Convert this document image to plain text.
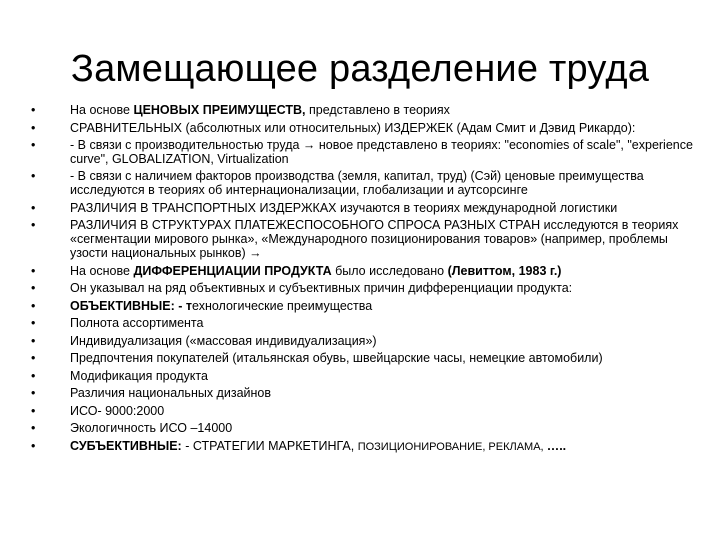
Замещающее разделение труда
•	На основе ЦЕНОВЫХ ПРЕИМУЩЕСТВ, представлено в теориях
•	СРАВНИТЕЛЬНЫХ (абсолютных или относительных) ИЗДЕРЖЕК (Адам Смит и Дэвид Рикардо):
•	- В связи с производительностью труда → новое представлено в теориях: "economies of scale", "experience curve", GLOBALIZATION, Virtualization
•	- В связи с наличием факторов производства (земля, капитал, труд) (Сэй) ценовые преимущества исследуются в теориях об интернационализации, глобализации и аутсорсинге
•	РАЗЛИЧИЯ В ТРАНСПОРТНЫХ ИЗДЕРЖКАХ изучаются в теориях международной логистики
•	РАЗЛИЧИЯ В СТРУКТУРАХ ПЛАТЕЖЕСПОСОБНОГО СПРОСА РАЗНЫХ СТРАН исследуются в теориях «сегментации мирового рынка», «Международного позиционирования товаров» (например, проблемы узости национальных рынков) →
•	На основе ДИФФЕРЕНЦИАЦИИ ПРОДУКТА было исследовано (Левиттом, 1983 г.)
•	Он указывал на ряд объективных и субъективных причин дифференциации продукта:
•	ОБЪЕКТИВНЫЕ: - технологические преимущества
•	Полнота ассортимента
•	Индивидуализация («массовая индивидуализация»)
•	Предпочтения покупателей (итальянская обувь, швейцарские часы, немецкие автомобили)
•	Модификация продукта
•	Различия национальных дизайнов
•	ИСО- 9000:2000
•	Экологичность ИСО –14000
•	СУБЪЕКТИВНЫЕ: - СТРАТЕГИИ МАРКЕТИНГА, ПОЗИЦИОНИРОВАНИЕ, РЕКЛАМА, …..
